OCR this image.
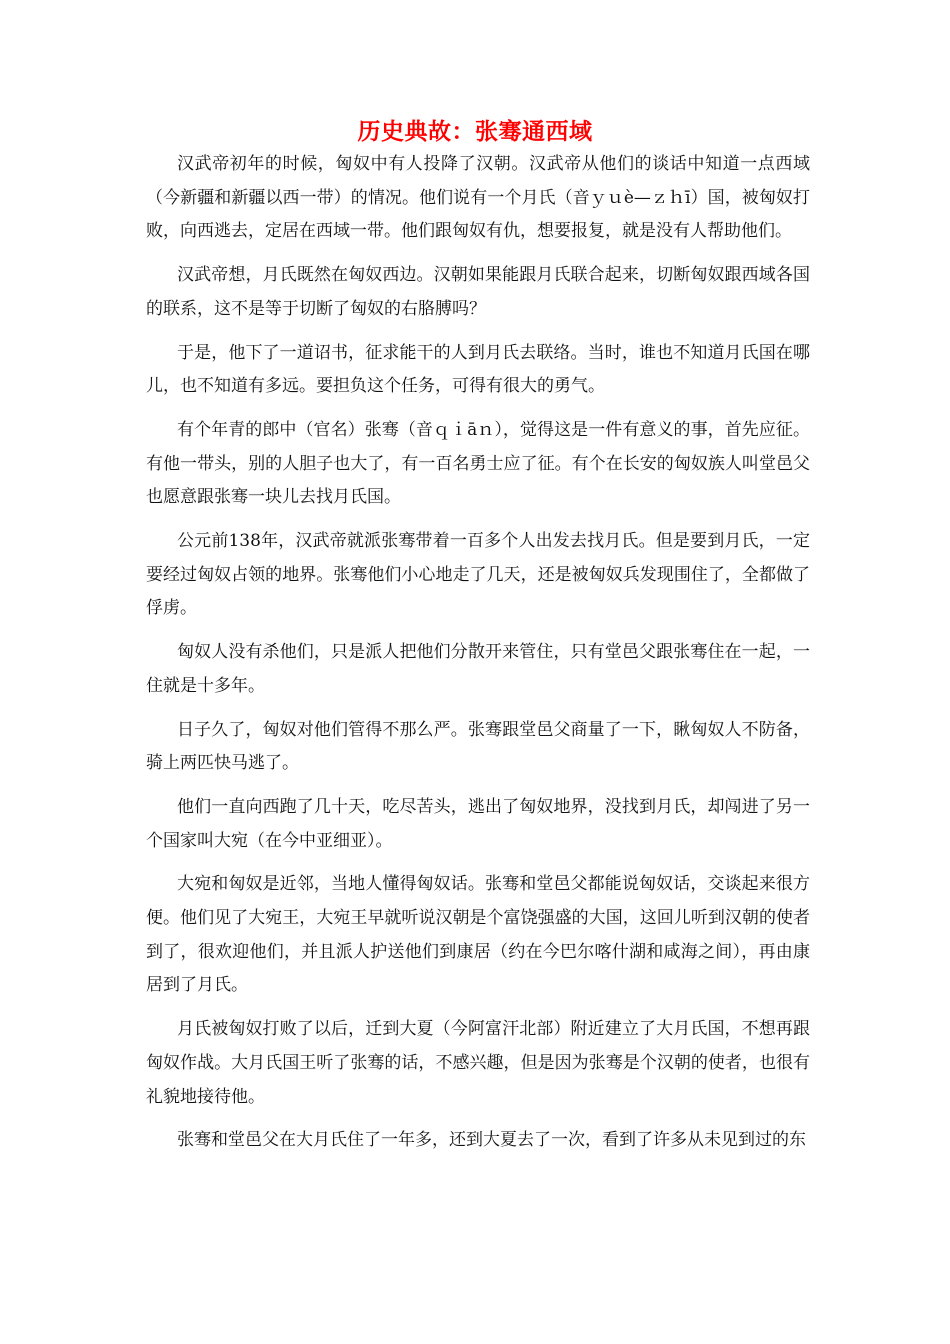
历史典故：张骞通西域

汉武帝初年的时候，匈奴中有人投降了汉朝。汉武帝从他们的谈话中知道一点西域（今新疆和新疆以西一带）的情况。他们说有一个月氏（音ｙｕè—ｚｈī）国，被匈奴打败，向西逃去，定居在西域一带。他们跟匈奴有仇，想要报复，就是没有人帮助他们。

汉武帝想，月氏既然在匈奴西边。汉朝如果能跟月氏联合起来，切断匈奴跟西域各国的联系，这不是等于切断了匈奴的右胳膊吗？

于是，他下了一道诏书，征求能干的人到月氏去联络。当时，谁也不知道月氏国在哪儿，也不知道有多远。要担负这个任务，可得有很大的勇气。

有个年青的郎中（官名）张骞（音ｑｉāｎ），觉得这是一件有意义的事，首先应征。有他一带头，别的人胆子也大了，有一百名勇士应了征。有个在长安的匈奴族人叫堂邑父也愿意跟张骞一块儿去找月氏国。

公元前138年，汉武帝就派张骞带着一百多个人出发去找月氏。但是要到月氏，一定要经过匈奴占领的地界。张骞他们小心地走了几天，还是被匈奴兵发现围住了，全都做了俘虏。

匈奴人没有杀他们，只是派人把他们分散开来管住，只有堂邑父跟张骞住在一起，一住就是十多年。

日子久了，匈奴对他们管得不那么严。张骞跟堂邑父商量了一下，瞅匈奴人不防备，骑上两匹快马逃了。

他们一直向西跑了几十天，吃尽苦头，逃出了匈奴地界，没找到月氏，却闯进了另一个国家叫大宛（在今中亚细亚）。

大宛和匈奴是近邻，当地人懂得匈奴话。张骞和堂邑父都能说匈奴话，交谈起来很方便。他们见了大宛王，大宛王早就听说汉朝是个富饶强盛的大国，这回儿听到汉朝的使者到了，很欢迎他们，并且派人护送他们到康居（约在今巴尔喀什湖和咸海之间），再由康居到了月氏。

月氏被匈奴打败了以后，迁到大夏（今阿富汗北部）附近建立了大月氏国，不想再跟匈奴作战。大月氏国王听了张骞的话，不感兴趣，但是因为张骞是个汉朝的使者，也很有礼貌地接待他。

张骞和堂邑父在大月氏住了一年多，还到大夏去了一次，看到了许多从未见到过的东
